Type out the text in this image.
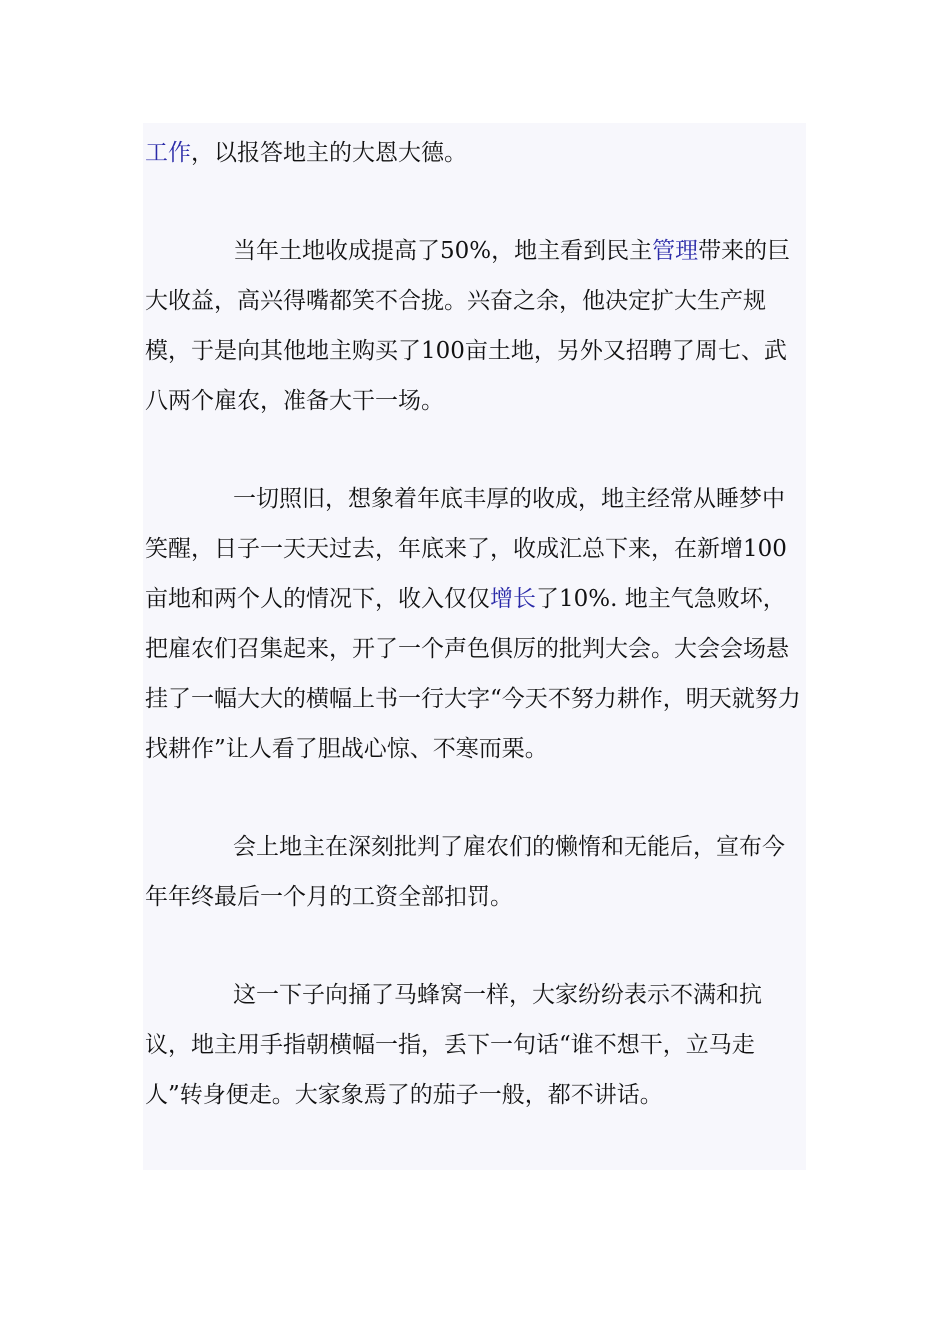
工作，以报答地主的大恩大德。

当年土地收成提高了50%，地主看到民主管理带来的巨大收益，高兴得嘴都笑不合拢。兴奋之余，他决定扩大生产规模，于是向其他地主购买了100亩土地，另外又招聘了周七、武八两个雇农，准备大干一场。

一切照旧，想象着年底丰厚的收成，地主经常从睡梦中笑醒，日子一天天过去，年底来了，收成汇总下来，在新增100亩地和两个人的情况下，收入仅仅增长了10%. 地主气急败坏，把雇农们召集起来，开了一个声色俱厉的批判大会。大会会场悬挂了一幅大大的横幅上书一行大字“今天不努力耕作，明天就努力找耕作”让人看了胆战心惊、不寒而栗。

会上地主在深刻批判了雇农们的懒惰和无能后，宣布今年年终最后一个月的工资全部扣罚。

这一下子向捅了马蜂窝一样，大家纷纷表示不满和抗议，地主用手指朝横幅一指，丢下一句话“谁不想干，立马走人”转身便走。大家象焉了的茄子一般，都不讲话。
